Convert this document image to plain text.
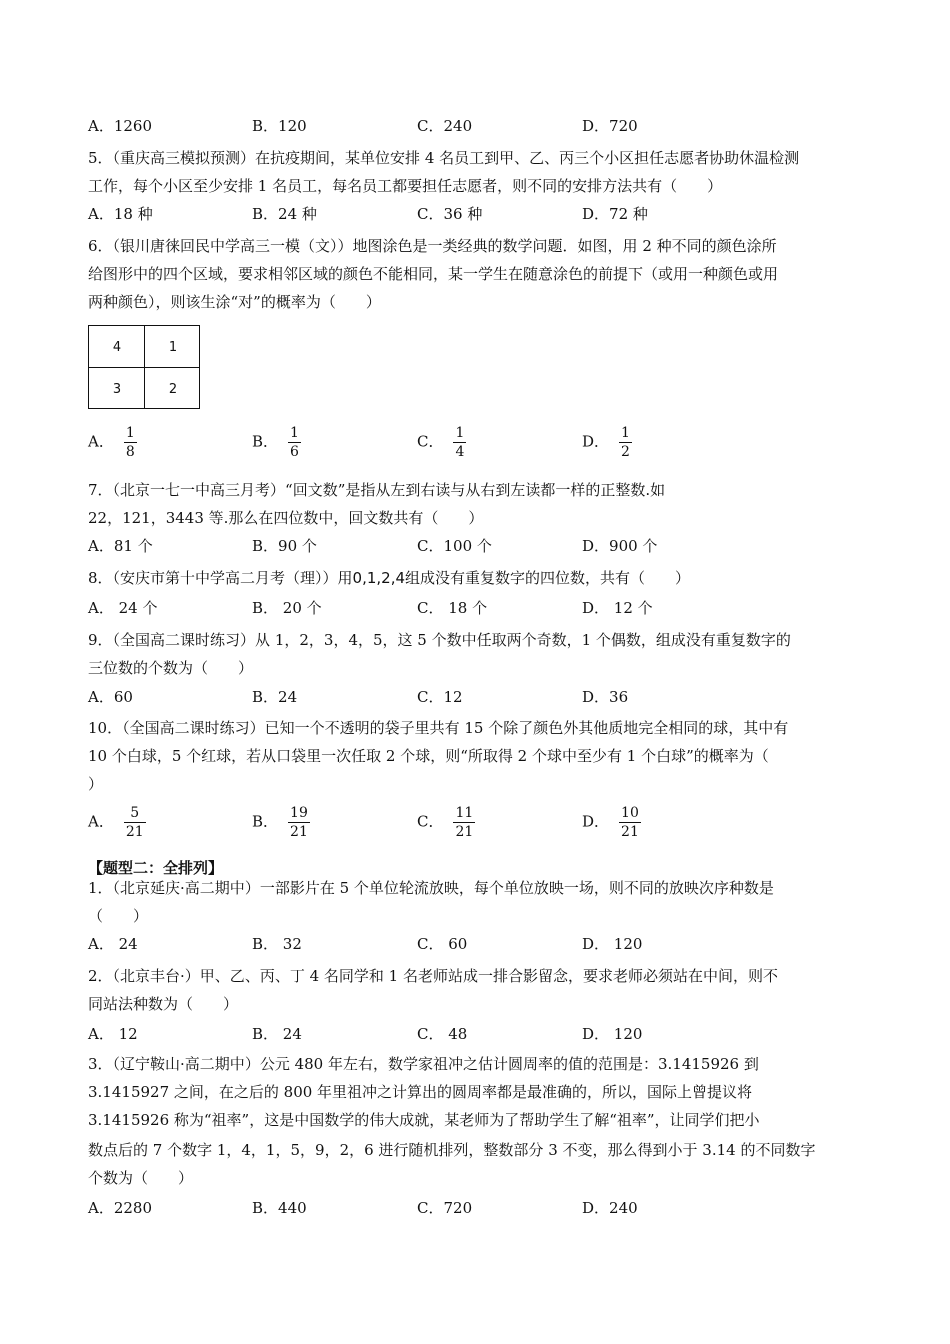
A．1260	B．120	C．240	D．720
5．（重庆高三模拟预测）在抗疫期间，某单位安排 4 名员工到甲、乙、丙三个小区担任志愿者协助休温检测
工作，每个小区至少安排 1 名员工，每名员工都要担任志愿者，则不同的安排方法共有（　　）
A．18 种	B．24 种	C．36 种	D．72 种
6．（银川唐徕回民中学高三一模（文））地图涂色是一类经典的数学问题．如图，用 2 种不同的颜色涂所
给图形中的四个区域，要求相邻区域的颜色不能相同，某一学生在随意涂色的前提下（或用一种颜色或用
两种颜色），则该生涂“对”的概率为（　　）
4	1
3	2
A． $\frac{1}{8}$	B． $\frac{1}{6}$	C． $\frac{1}{4}$	D． $\frac{1}{2}$
7．（北京一七一中高三月考）“回文数”是指从左到右读与从右到左读都一样的正整数.如
22，121，3443 等.那么在四位数中，回文数共有（　　）
A．81 个	B．90 个	C．100 个	D．900 个
8．（安庆市第十中学高二月考（理））用0,1,2,4组成没有重复数字的四位数，共有（　　）
A． 24 个	B． 20 个	C． 18 个	D． 12 个
9．（全国高二课时练习）从 1，2，3，4，5，这 5 个数中任取两个奇数，1 个偶数，组成没有重复数字的
三位数的个数为（　　）
A．60	B．24	C．12	D．36
10．（全国高二课时练习）已知一个不透明的袋子里共有 15 个除了颜色外其他质地完全相同的球，其中有
10 个白球，5 个红球，若从口袋里一次任取 2 个球，则“所取得 2 个球中至少有 1 个白球”的概率为（
）
A． $\frac{5}{21}$	B． $\frac{19}{21}$	C． $\frac{11}{21}$	D． $\frac{10}{21}$
【题型二：全排列】
1．（北京延庆·高二期中）一部影片在 5 个单位轮流放映，每个单位放映一场，则不同的放映次序种数是
（　　）
A． 24	B． 32	C． 60	D． 120
2．（北京丰台·）甲、乙、丙、丁 4 名同学和 1 名老师站成一排合影留念，要求老师必须站在中间，则不
同站法种数为（　　）
A． 12	B． 24	C． 48	D． 120
3．（辽宁鞍山·高二期中）公元 480 年左右，数学家祖冲之估计圆周率的值的范围是：3.1415926 到
3.1415927 之间，在之后的 800 年里祖冲之计算出的圆周率都是最准确的，所以，国际上曾提议将
3.1415926 称为“祖率”，这是中国数学的伟大成就，某老师为了帮助学生了解“祖率”，让同学们把小
数点后的 7 个数字 1，4，1，5，9，2，6 进行随机排列，整数部分 3 不变，那么得到小于 3.14 的不同数字
个数为（　　）
A．2280	B．440	C．720	D．240
